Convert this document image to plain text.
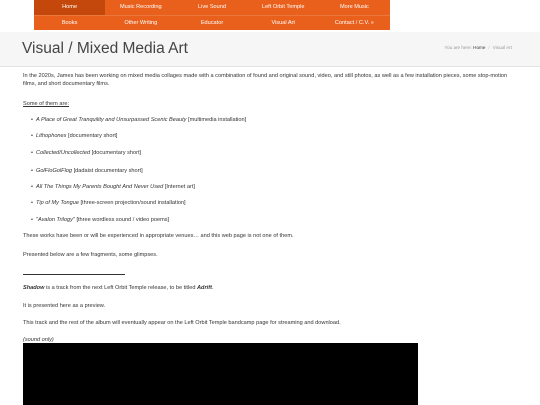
Home	Music Recording	Live Sound	Left Orbit Temple	More Music
Books	Other Writing	Educator	Visual Art	Contact / C.V. »
Visual / Mixed Media Art	You are here: Home / Visual Art

In the 2020s, James has been working on mixed media collages made with a combination of found and original sound, video, and still photos, as well as a few installation pieces, some stop-motion films, and short documentary films.

Some of them are:

• A Place of Great Tranquility and Unsurpassed Scenic Beauty [multimedia installation]
• Lithophones [documentary short]
• Collected/Uncollected [documentary short]
• GolFloGolFlog [dadaist documentary short]
• All The Things My Parents Bought And Never Used [Internet art]
• Tip of My Tongue [three-screen projection/sound installation]
• "Avalon Trilogy" [three wordless sound / video poems]

These works have been or will be experienced in appropriate venues… and this web page is not one of them.

Presented below are a few fragments, some glimpses.

Shadow is a track from the next Left Orbit Temple release, to be titled Adrift.

It is presented here as a preview.

This track and the rest of the album will eventually appear on the Left Orbit Temple bandcamp page for streaming and download.

(sound only)
